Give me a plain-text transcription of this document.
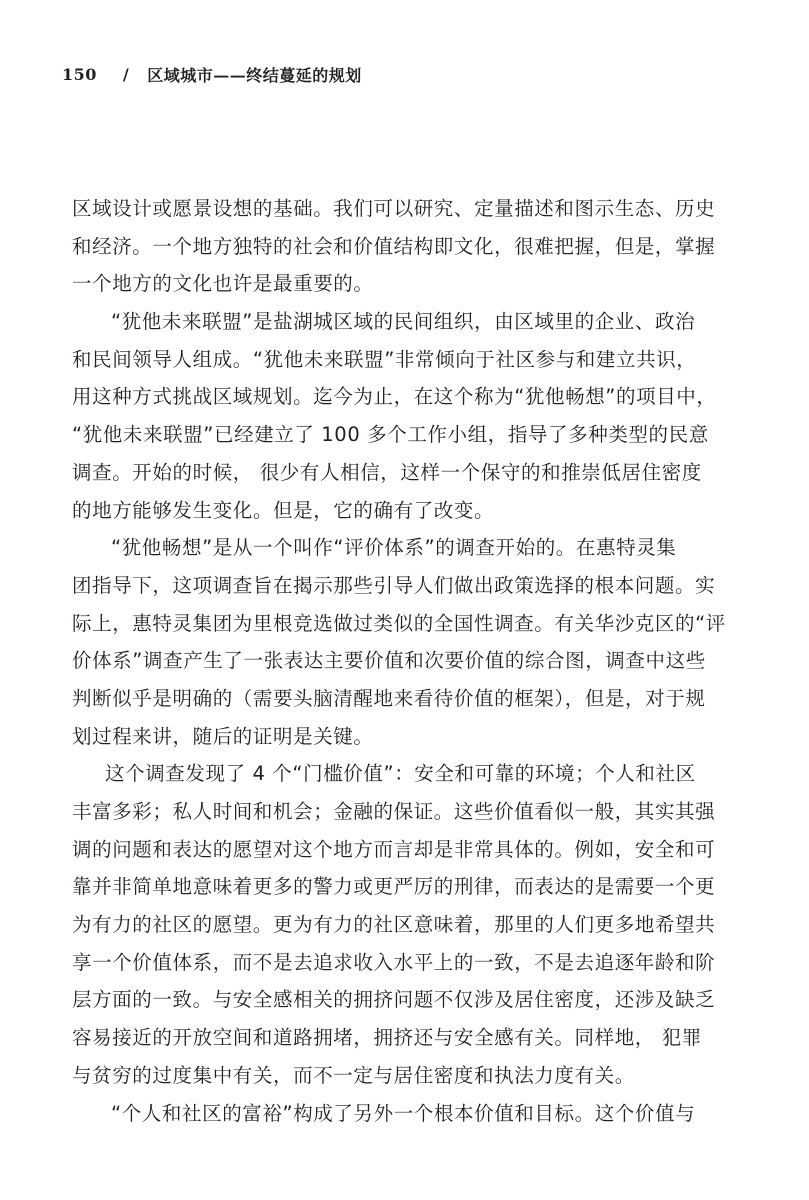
150 / 区域城市——终结蔓延的规划
区域设计或愿景设想的基础。我们可以研究、定量描述和图示生态、历史
和经济。一个地方独特的社会和价值结构即文化，很难把握，但是，掌握
一个地方的文化也许是最重要的。
“犹他未来联盟”是盐湖城区域的民间组织，由区域里的企业、政治
和民间领导人组成。“犹他未来联盟”非常倾向于社区参与和建立共识，
用这种方式挑战区域规划。迄今为止，在这个称为“犹他畅想”的项目中，
“犹他未来联盟”已经建立了 100 多个工作小组，指导了多种类型的民意
调查。开始的时候， 很少有人相信，这样一个保守的和推崇低居住密度
的地方能够发生变化。但是，它的确有了改变。
“犹他畅想”是从一个叫作“评价体系”的调查开始的。在惠特灵集
团指导下，这项调查旨在揭示那些引导人们做出政策选择的根本问题。实
际上，惠特灵集团为里根竞选做过类似的全国性调查。有关华沙克区的“评
价体系”调查产生了一张表达主要价值和次要价值的综合图，调查中这些
判断似乎是明确的（需要头脑清醒地来看待价值的框架），但是，对于规
划过程来讲，随后的证明是关键。
这个调查发现了 4 个“门槛价值”：安全和可靠的环境；个人和社区
丰富多彩；私人时间和机会；金融的保证。这些价值看似一般，其实其强
调的问题和表达的愿望对这个地方而言却是非常具体的。例如，安全和可
靠并非简单地意味着更多的警力或更严厉的刑律，而表达的是需要一个更
为有力的社区的愿望。更为有力的社区意味着，那里的人们更多地希望共
享一个价值体系，而不是去追求收入水平上的一致，不是去追逐年龄和阶
层方面的一致。与安全感相关的拥挤问题不仅涉及居住密度，还涉及缺乏
容易接近的开放空间和道路拥堵，拥挤还与安全感有关。同样地， 犯罪
与贫穷的过度集中有关，而不一定与居住密度和执法力度有关。
“个人和社区的富裕”构成了另外一个根本价值和目标。这个价值与
